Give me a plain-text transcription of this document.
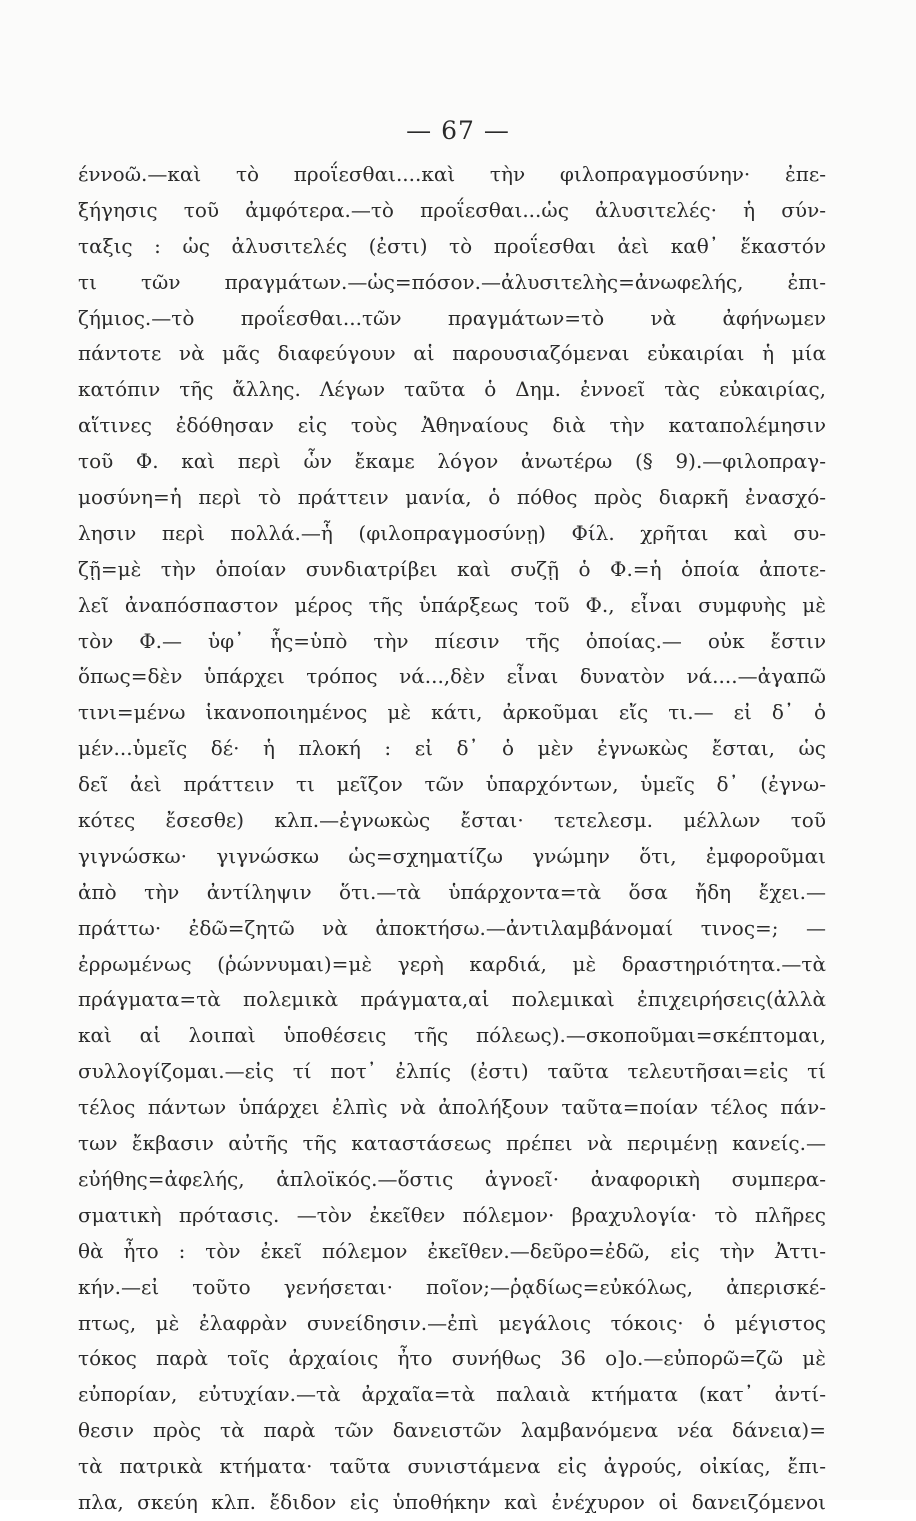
— 67 —
έννοῶ.—καὶ τὸ προΐεσθαι....καὶ τὴν φιλοπραγμοσύνην· ἐπε-
ξήγησις τοῦ ἀμφότερα.—τὸ προΐεσθαι...ὡς ἀλυσιτελές· ἡ σύν-
ταξις : ὡς ἀλυσιτελές (ἐστι) τὸ προΐεσθαι ἀεὶ καθ᾽ ἕκαστόν
τι τῶν πραγμάτων.—ὡς=πόσον.—ἀλυσιτελὴς=ἀνωφελής, ἐπι-
ζήμιος.—τὸ προΐεσθαι...τῶν πραγμάτων=τὸ νὰ ἀφήνωμεν
πάντοτε νὰ μᾶς διαφεύγουν αἱ παρουσιαζόμεναι εὐκαιρίαι ἡ μία
κατόπιν τῆς ἄλλης. Λέγων ταῦτα ὁ Δημ. ἐννοεῖ τὰς εὐκαιρίας,
αἵτινες ἐδόθησαν εἰς τοὺς Ἀθηναίους διὰ τὴν καταπολέμησιν
τοῦ Φ. καὶ περὶ ὧν ἔκαμε λόγον ἀνωτέρω (§ 9).—φιλοπραγ-
μοσύνη=ἡ περὶ τὸ πράττειν μανία, ὁ πόθος πρὸς διαρκῆ ἐνασχό-
λησιν περὶ πολλά.—ἧ (φιλοπραγμοσύνῃ) Φίλ. χρῆται καὶ συ-
ζῇ=μὲ τὴν ὁποίαν συνδιατρίβει καὶ συζῇ ὁ Φ.=ἡ ὁποία ἀποτε-
λεῖ ἀναπόσπαστον μέρος τῆς ὑπάρξεως τοῦ Φ., εἶναι συμφυὴς μὲ
τὸν Φ.— ὑφ᾽ ἧς=ὑπὸ τὴν πίεσιν τῆς ὁποίας.— οὐκ ἔστιν
ὅπως=δὲν ὑπάρχει τρόπος νά...,δὲν εἶναι δυνατὸν νά....—ἀγαπῶ
τινι=μένω ἱκανοποιημένος μὲ κάτι, ἀρκοῦμαι εἴς τι.— εἰ δ᾽ ὁ
μέν...ὑμεῖς δέ· ἡ πλοκή : εἰ δ᾽ ὁ μὲν ἐγνωκὼς ἔσται, ὡς
δεῖ ἀεὶ πράττειν τι μεῖζον τῶν ὑπαρχόντων, ὑμεῖς δ᾽ (ἐγνω-
κότες ἔσεσθε) κλπ.—ἐγνωκὼς ἔσται· τετελεσμ. μέλλων τοῦ
γιγνώσκω· γιγνώσκω ὡς=σχηματίζω γνώμην ὅτι, ἐμφοροῦμαι
ἀπὸ τὴν ἀντίληψιν ὅτι.—τὰ ὑπάρχοντα=τὰ ὅσα ἤδη ἔχει.—
πράττω· ἐδῶ=ζητῶ νὰ ἀποκτήσω.—ἀντιλαμβάνομαί τινος=; —
ἐρρωμένως (ῥώννυμαι)=μὲ γερὴ καρδιά, μὲ δραστηριότητα.—τὰ
πράγματα=τὰ πολεμικὰ πράγματα,αἱ πολεμικαὶ ἐπιχειρήσεις(ἀλλὰ
καὶ αἱ λοιπαὶ ὑποθέσεις τῆς πόλεως).—σκοποῦμαι=σκέπτομαι,
συλλογίζομαι.—εἰς τί ποτ᾽ ἐλπίς (ἐστι) ταῦτα τελευτῆσαι=εἰς τί
τέλος πάντων ὑπάρχει ἐλπὶς νὰ ἀπολήξουν ταῦτα=ποίαν τέλος πάν-
των ἔκβασιν αὐτῆς τῆς καταστάσεως πρέπει νὰ περιμένῃ κανείς.—
εὐήθης=ἀφελής, ἁπλοϊκός.—ὅστις ἀγνοεῖ· ἀναφορικὴ συμπερα-
σματικὴ πρότασις. —τὸν ἐκεῖθεν πόλεμον· βραχυλογία· τὸ πλῆρες
θὰ ἦτο : τὸν ἐκεῖ πόλεμον ἐκεῖθεν.—δεῦρο=ἐδῶ, εἰς τὴν Ἀττι-
κήν.—εἰ τοῦτο γενήσεται· ποῖον;—ῥᾳδίως=εὐκόλως, ἀπερισκέ-
πτως, μὲ ἐλαφρὰν συνείδησιν.—ἐπὶ μεγάλοις τόκοις· ὁ μέγιστος
τόκος παρὰ τοῖς ἀρχαίοις ἦτο συνήθως 36 ο]ο.—εὐπορῶ=ζῶ μὲ
εὐπορίαν, εὐτυχίαν.—τὰ ἀρχαῖα=τὰ παλαιὰ κτήματα (κατ᾽ ἀντί-
θεσιν πρὸς τὰ παρὰ τῶν δανειστῶν λαμβανόμενα νέα δάνεια)=
τὰ πατρικὰ κτήματα· ταῦτα συνιστάμενα εἰς ἀγρούς, οἰκίας, ἔπι-
πλα, σκεύη κλπ. ἔδιδον εἰς ὑποθήκην καὶ ἐνέχυρον οἱ δανειζόμενοι
